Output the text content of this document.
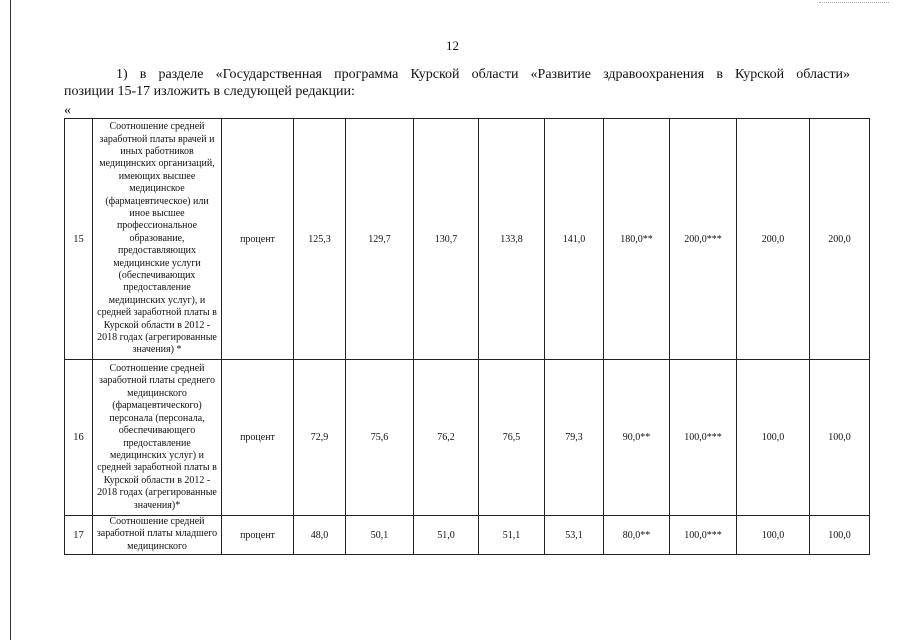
12
1) в разделе «Государственная программа Курской области «Развитие здравоохранения в Курской области»
позиции 15-17 изложить в следующей редакции:
«
15	Соотношение средней заработной платы врачей и иных работников медицинских организаций, имеющих высшее медицинское (фармацевтическое) или иное высшее профессиональное образование, предоставляющих медицинские услуги (обеспечивающих предоставление медицинских услуг), и средней заработной платы в Курской области в 2012 - 2018 годах (агрегированные значения) *	процент	125,3	129,7	130,7	133,8	141,0	180,0**	200,0***	200,0	200,0
16	Соотношение средней заработной платы среднего медицинского (фармацевтического) персонала (персонала, обеспечивающего предоставление медицинских услуг) и средней заработной платы в Курской области в 2012 - 2018 годах (агрегированные значения)*	процент	72,9	75,6	76,2	76,5	79,3	90,0**	100,0***	100,0	100,0
17	Соотношение средней заработной платы младшего медицинского	процент	48,0	50,1	51,0	51,1	53,1	80,0**	100,0***	100,0	100,0
